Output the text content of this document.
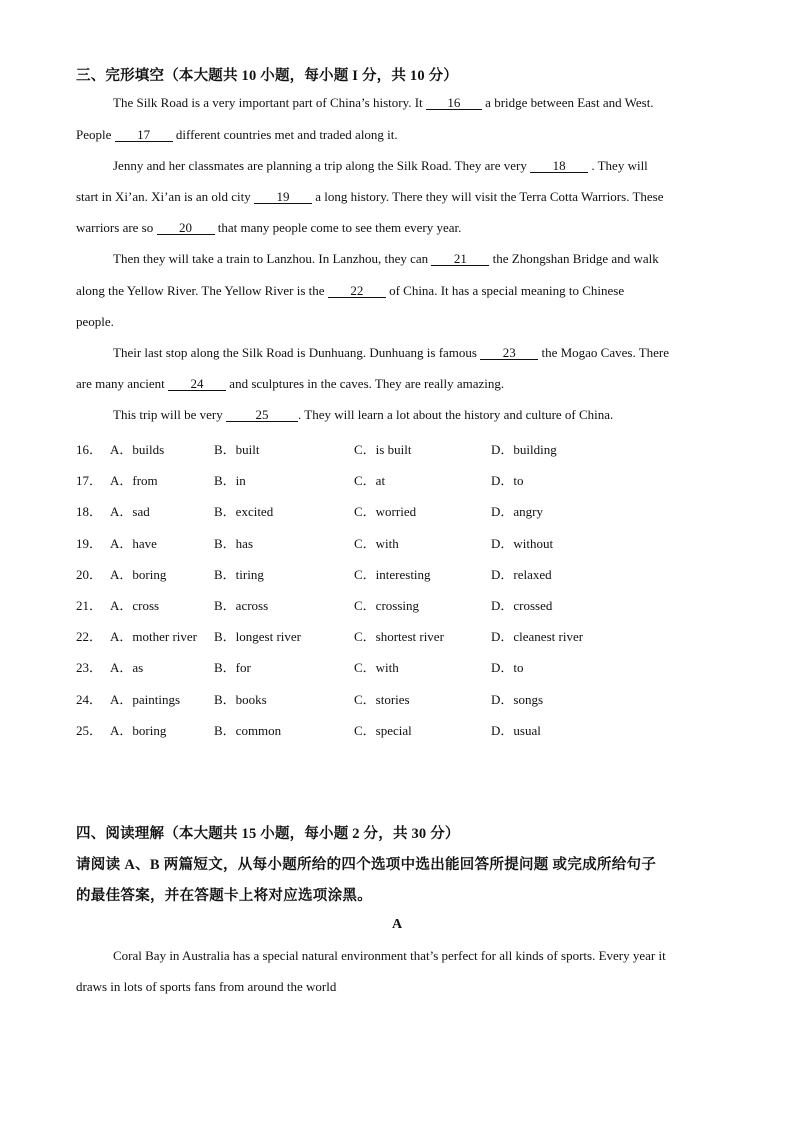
三、完形填空（本大题共 10 小题，每小题 I 分，共 10 分）
The Silk Road is a very important part of China’s history. It 16 a bridge between East and West.
People 17 different countries met and traded along it.
Jenny and her classmates are planning a trip along the Silk Road. They are very 18 . They will
start in Xi’an. Xi’an is an old city 19 a long history. There they will visit the Terra Cotta Warriors. These
warriors are so 20 that many people come to see them every year.
Then they will take a train to Lanzhou. In Lanzhou, they can 21 the Zhongshan Bridge and walk
along the Yellow River. The Yellow River is the 22 of China. It has a special meaning to Chinese
people.
Their last stop along the Silk Road is Dunhuang. Dunhuang is famous 23 the Mogao Caves. There
are many ancient 24 and sculptures in the caves. They are really amazing.
This trip will be very 25 . They will learn a lot about the history and culture of China.
16． A．builds	B．built	C．is built	D．building
17． A．from	B．in	C．at	D．to
18． A．sad	B．excited	C．worried	D．angry
19． A．have	B．has	C．with	D．without
20． A．boring	B．tiring	C．interesting	D．relaxed
21． A．cross	B．across	C．crossing	D．crossed
22． A．mother river B．longest river	C．shortest river	D．cleanest river
23． A．as	B．for	C．with	D．to
24． A．paintings	B．books	C．stories	D．songs
25． A．boring	B．common	C．special	D．usual
四、阅读理解（本大题共 15 小题，每小题 2 分，共 30 分）
请阅读 A、B 两篇短文，从每小题所给的四个选项中选出能回答所提问题 或完成所给句子
的最佳答案，并在答题卡上将对应选项涂黑。
A
Coral Bay in Australia has a special natural environment that’s perfect for all kinds of sports. Every year it
draws in lots of sports fans from around the world
